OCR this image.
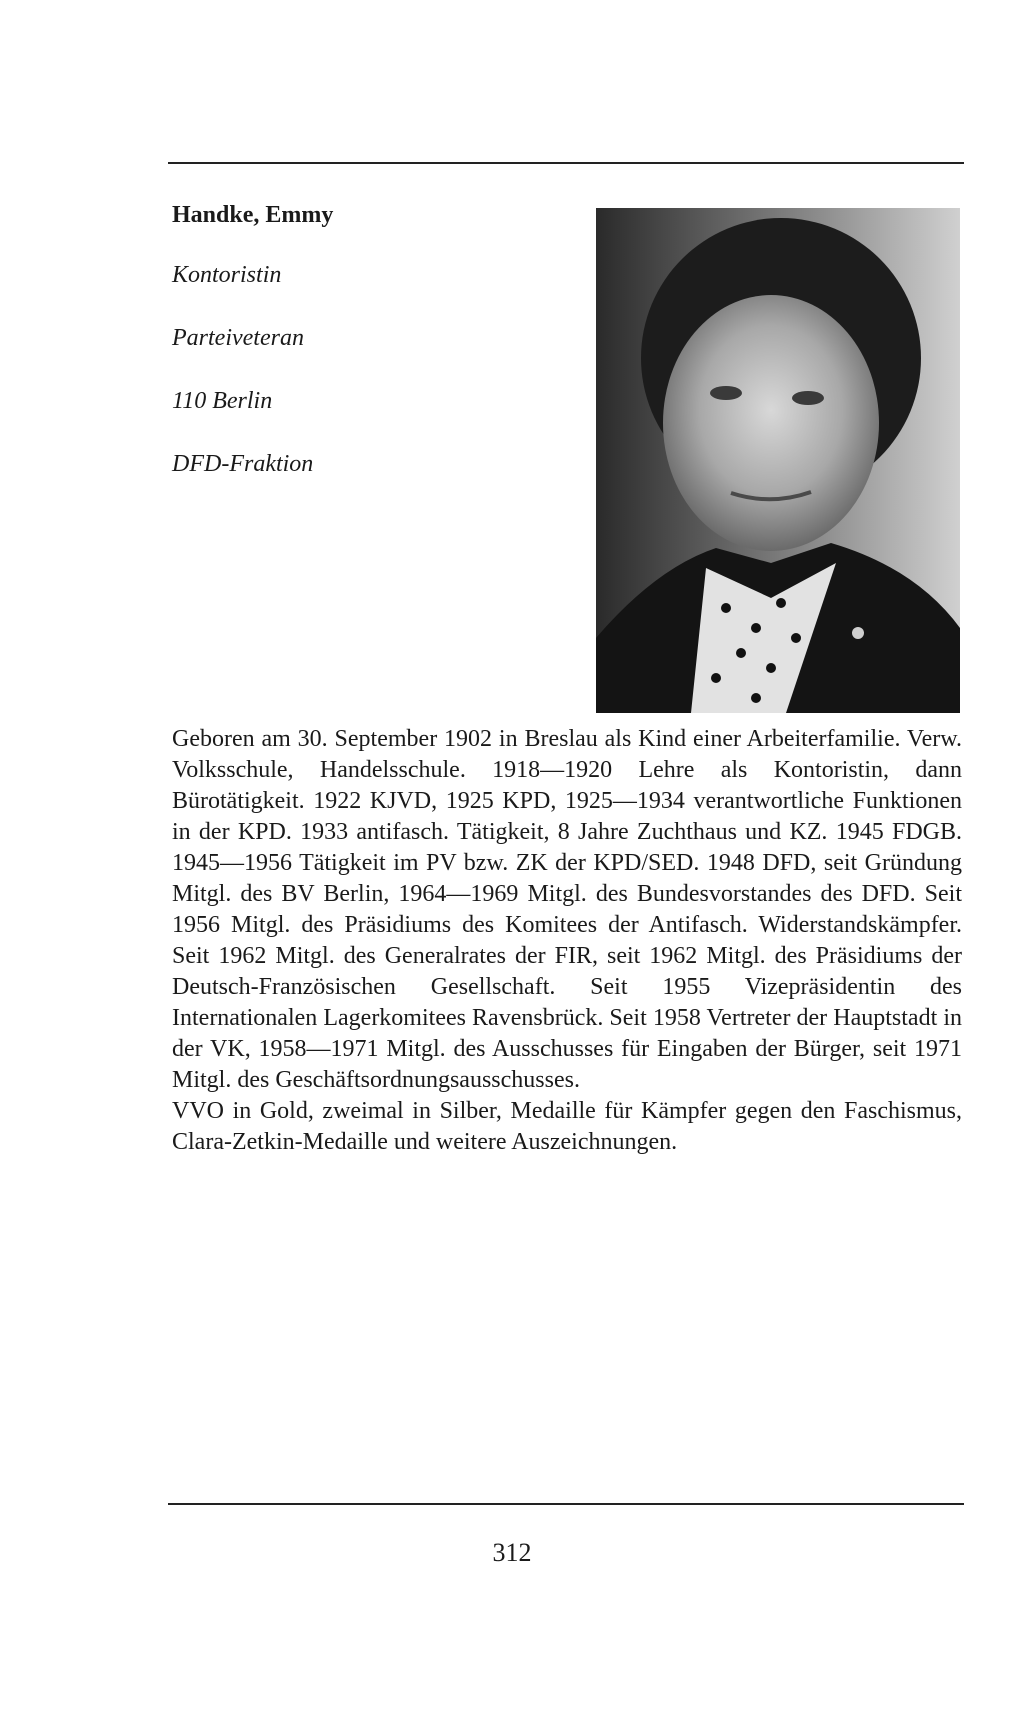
Handke, Emmy
Kontoristin
Parteiveteran
110 Berlin
DFD-Fraktion

Geboren am 30. September 1902 in Breslau als Kind einer Arbeiterfamilie. Verw. Volksschule, Handelsschule. 1918—1920 Lehre als Kontoristin, dann Bürotätigkeit. 1922 KJVD, 1925 KPD, 1925—1934 verantwortliche Funktionen in der KPD. 1933 antifasch. Tätigkeit, 8 Jahre Zuchthaus und KZ. 1945 FDGB. 1945—1956 Tätigkeit im PV bzw. ZK der KPD/SED. 1948 DFD, seit Gründung Mitgl. des BV Berlin, 1964—1969 Mitgl. des Bundesvorstandes des DFD. Seit 1956 Mitgl. des Präsidiums des Komitees der Antifasch. Widerstandskämpfer. Seit 1962 Mitgl. des Generalrates der FIR, seit 1962 Mitgl. des Präsidiums der Deutsch-Französischen Gesellschaft. Seit 1955 Vizepräsidentin des Internationalen Lagerkomitees Ravensbrück. Seit 1958 Vertreter der Hauptstadt in der VK, 1958—1971 Mitgl. des Ausschusses für Eingaben der Bürger, seit 1971 Mitgl. des Geschäftsordnungsausschusses.

VVO in Gold, zweimal in Silber, Medaille für Kämpfer gegen den Faschismus, Clara-Zetkin-Medaille und weitere Auszeichnungen.

312
